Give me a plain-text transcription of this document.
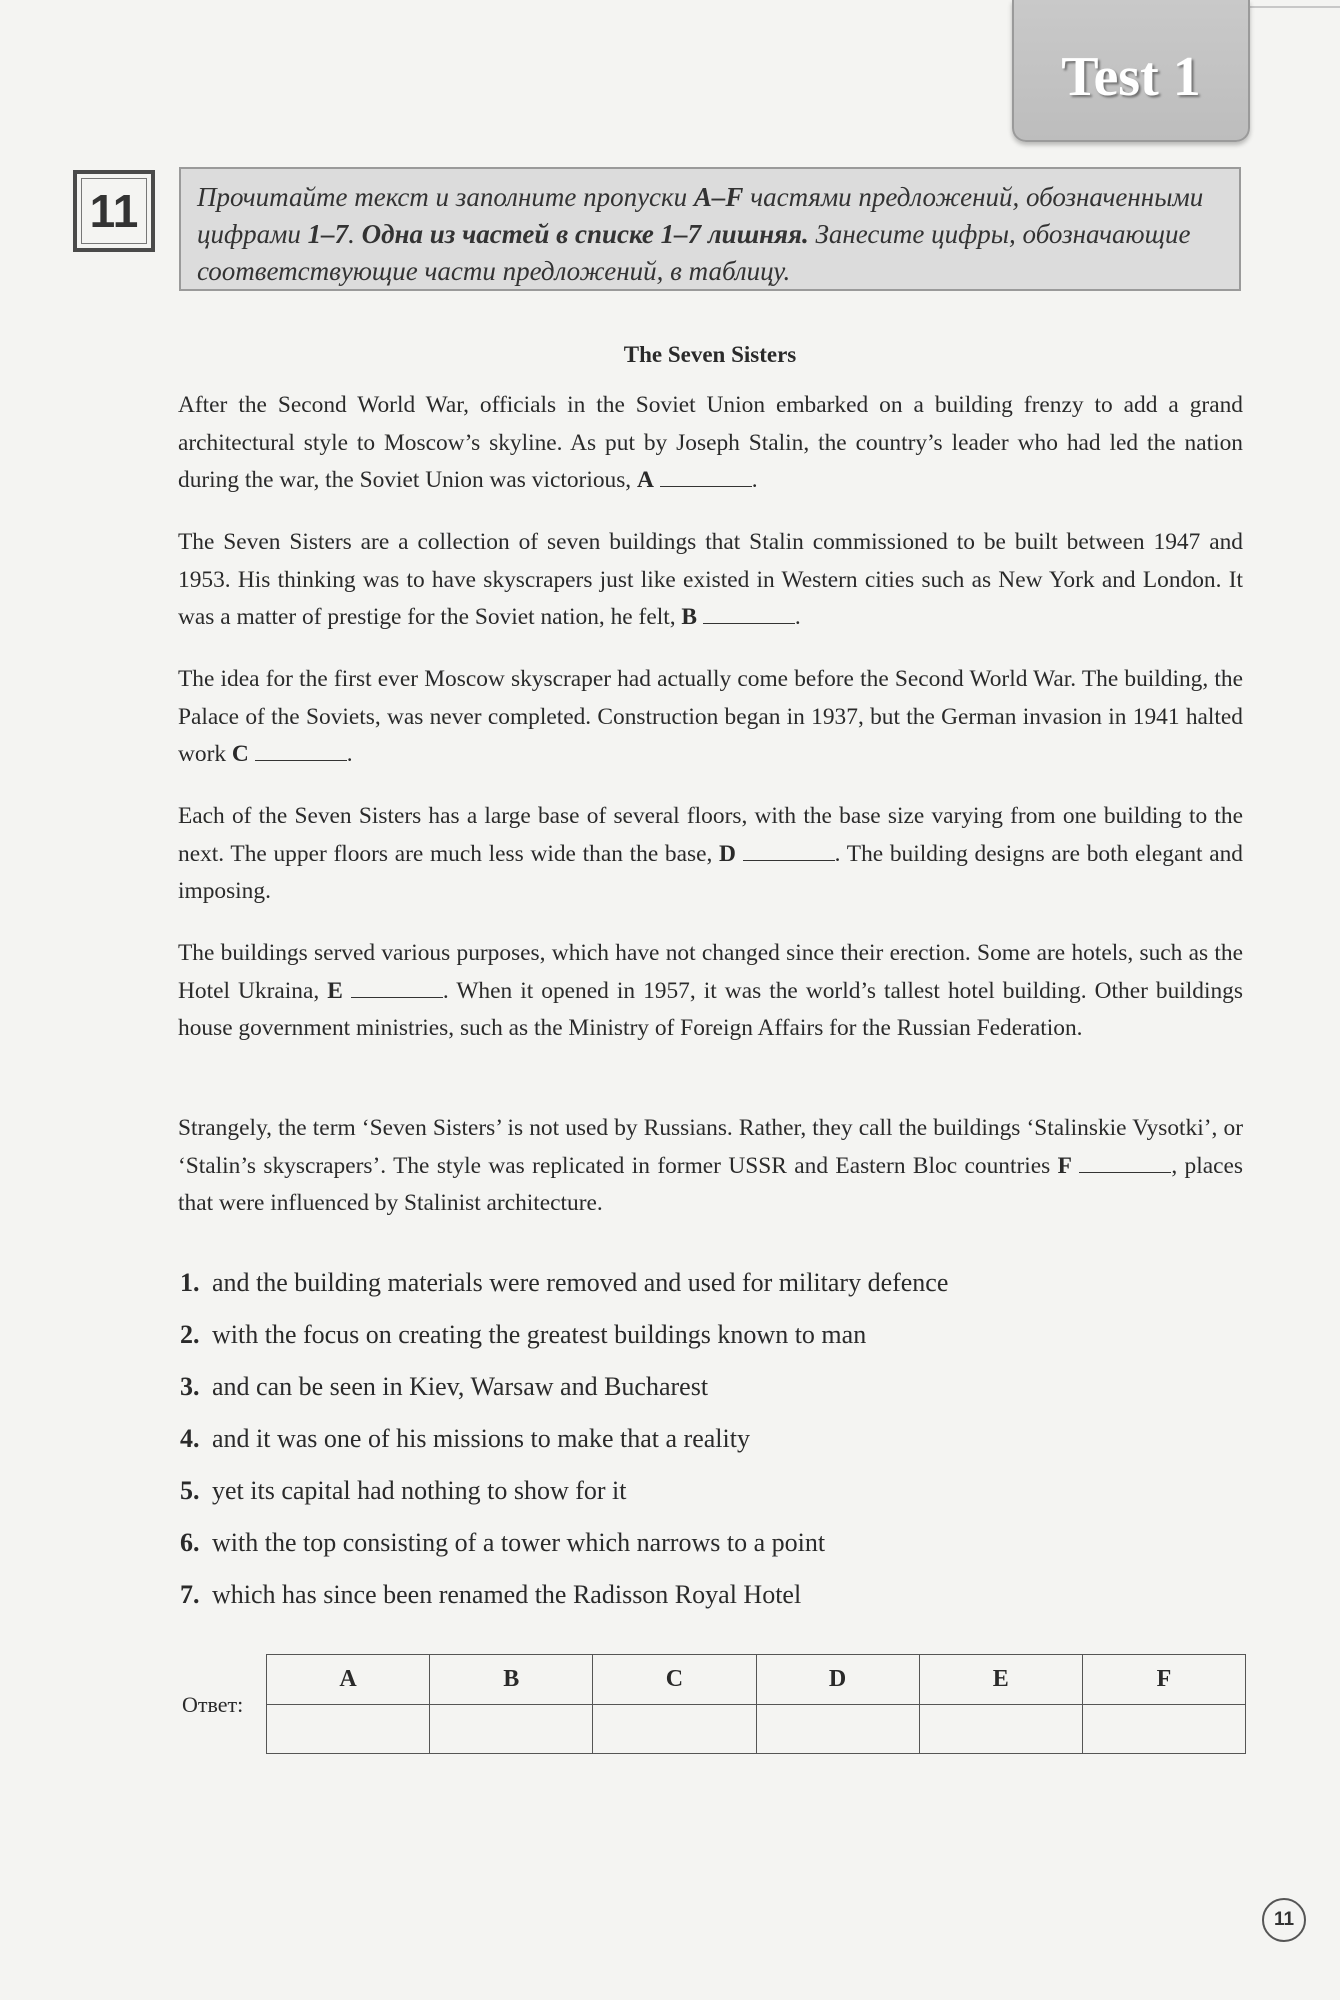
Test 1
11	Прочитайте текст и заполните пропуски A–F частями предложений, обозначенными цифрами 1–7. Одна из частей в списке 1–7 лишняя. Занесите цифры, обозначающие соответствующие части предложений, в таблицу.
The Seven Sisters
After the Second World War, officials in the Soviet Union embarked on a building frenzy to add a grand architectural style to Moscow’s skyline. As put by Joseph Stalin, the country’s leader who had led the nation during the war, the Soviet Union was victorious, A	.
The Seven Sisters are a collection of seven buildings that Stalin commissioned to be built between 1947 and 1953. His thinking was to have skyscrapers just like existed in Western cities such as New York and London. It was a matter of prestige for the Soviet nation, he felt, B	.
The idea for the first ever Moscow skyscraper had actually come before the Second World War. The building, the Palace of the Soviets, was never completed. Construction began in 1937, but the German invasion in 1941 halted work C	.
Each of the Seven Sisters has a large base of several floors, with the base size varying from one building to the next. The upper floors are much less wide than the base, D	. The building designs are both elegant and imposing.
The buildings served various purposes, which have not changed since their erection. Some are hotels, such as the Hotel Ukraina, E	. When it opened in 1957, it was the world’s tallest hotel building. Other buildings house government ministries, such as the Ministry of Foreign Affairs for the Russian Federation.
Strangely, the term ‘Seven Sisters’ is not used by Russians. Rather, they call the buildings ‘Stalinskie Vysotki’, or ‘Stalin’s skyscrapers’. The style was replicated in former USSR and Eastern Bloc countries F	, places that were influenced by Stalinist architecture.
1. and the building materials were removed and used for military defence
2. with the focus on creating the greatest buildings known to man
3. and can be seen in Kiev, Warsaw and Bucharest
4. and it was one of his missions to make that a reality
5. yet its capital had nothing to show for it
6. with the top consisting of a tower which narrows to a point
7. which has since been renamed the Radisson Royal Hotel
Ответ:
A	B	C	D	E	F

11
